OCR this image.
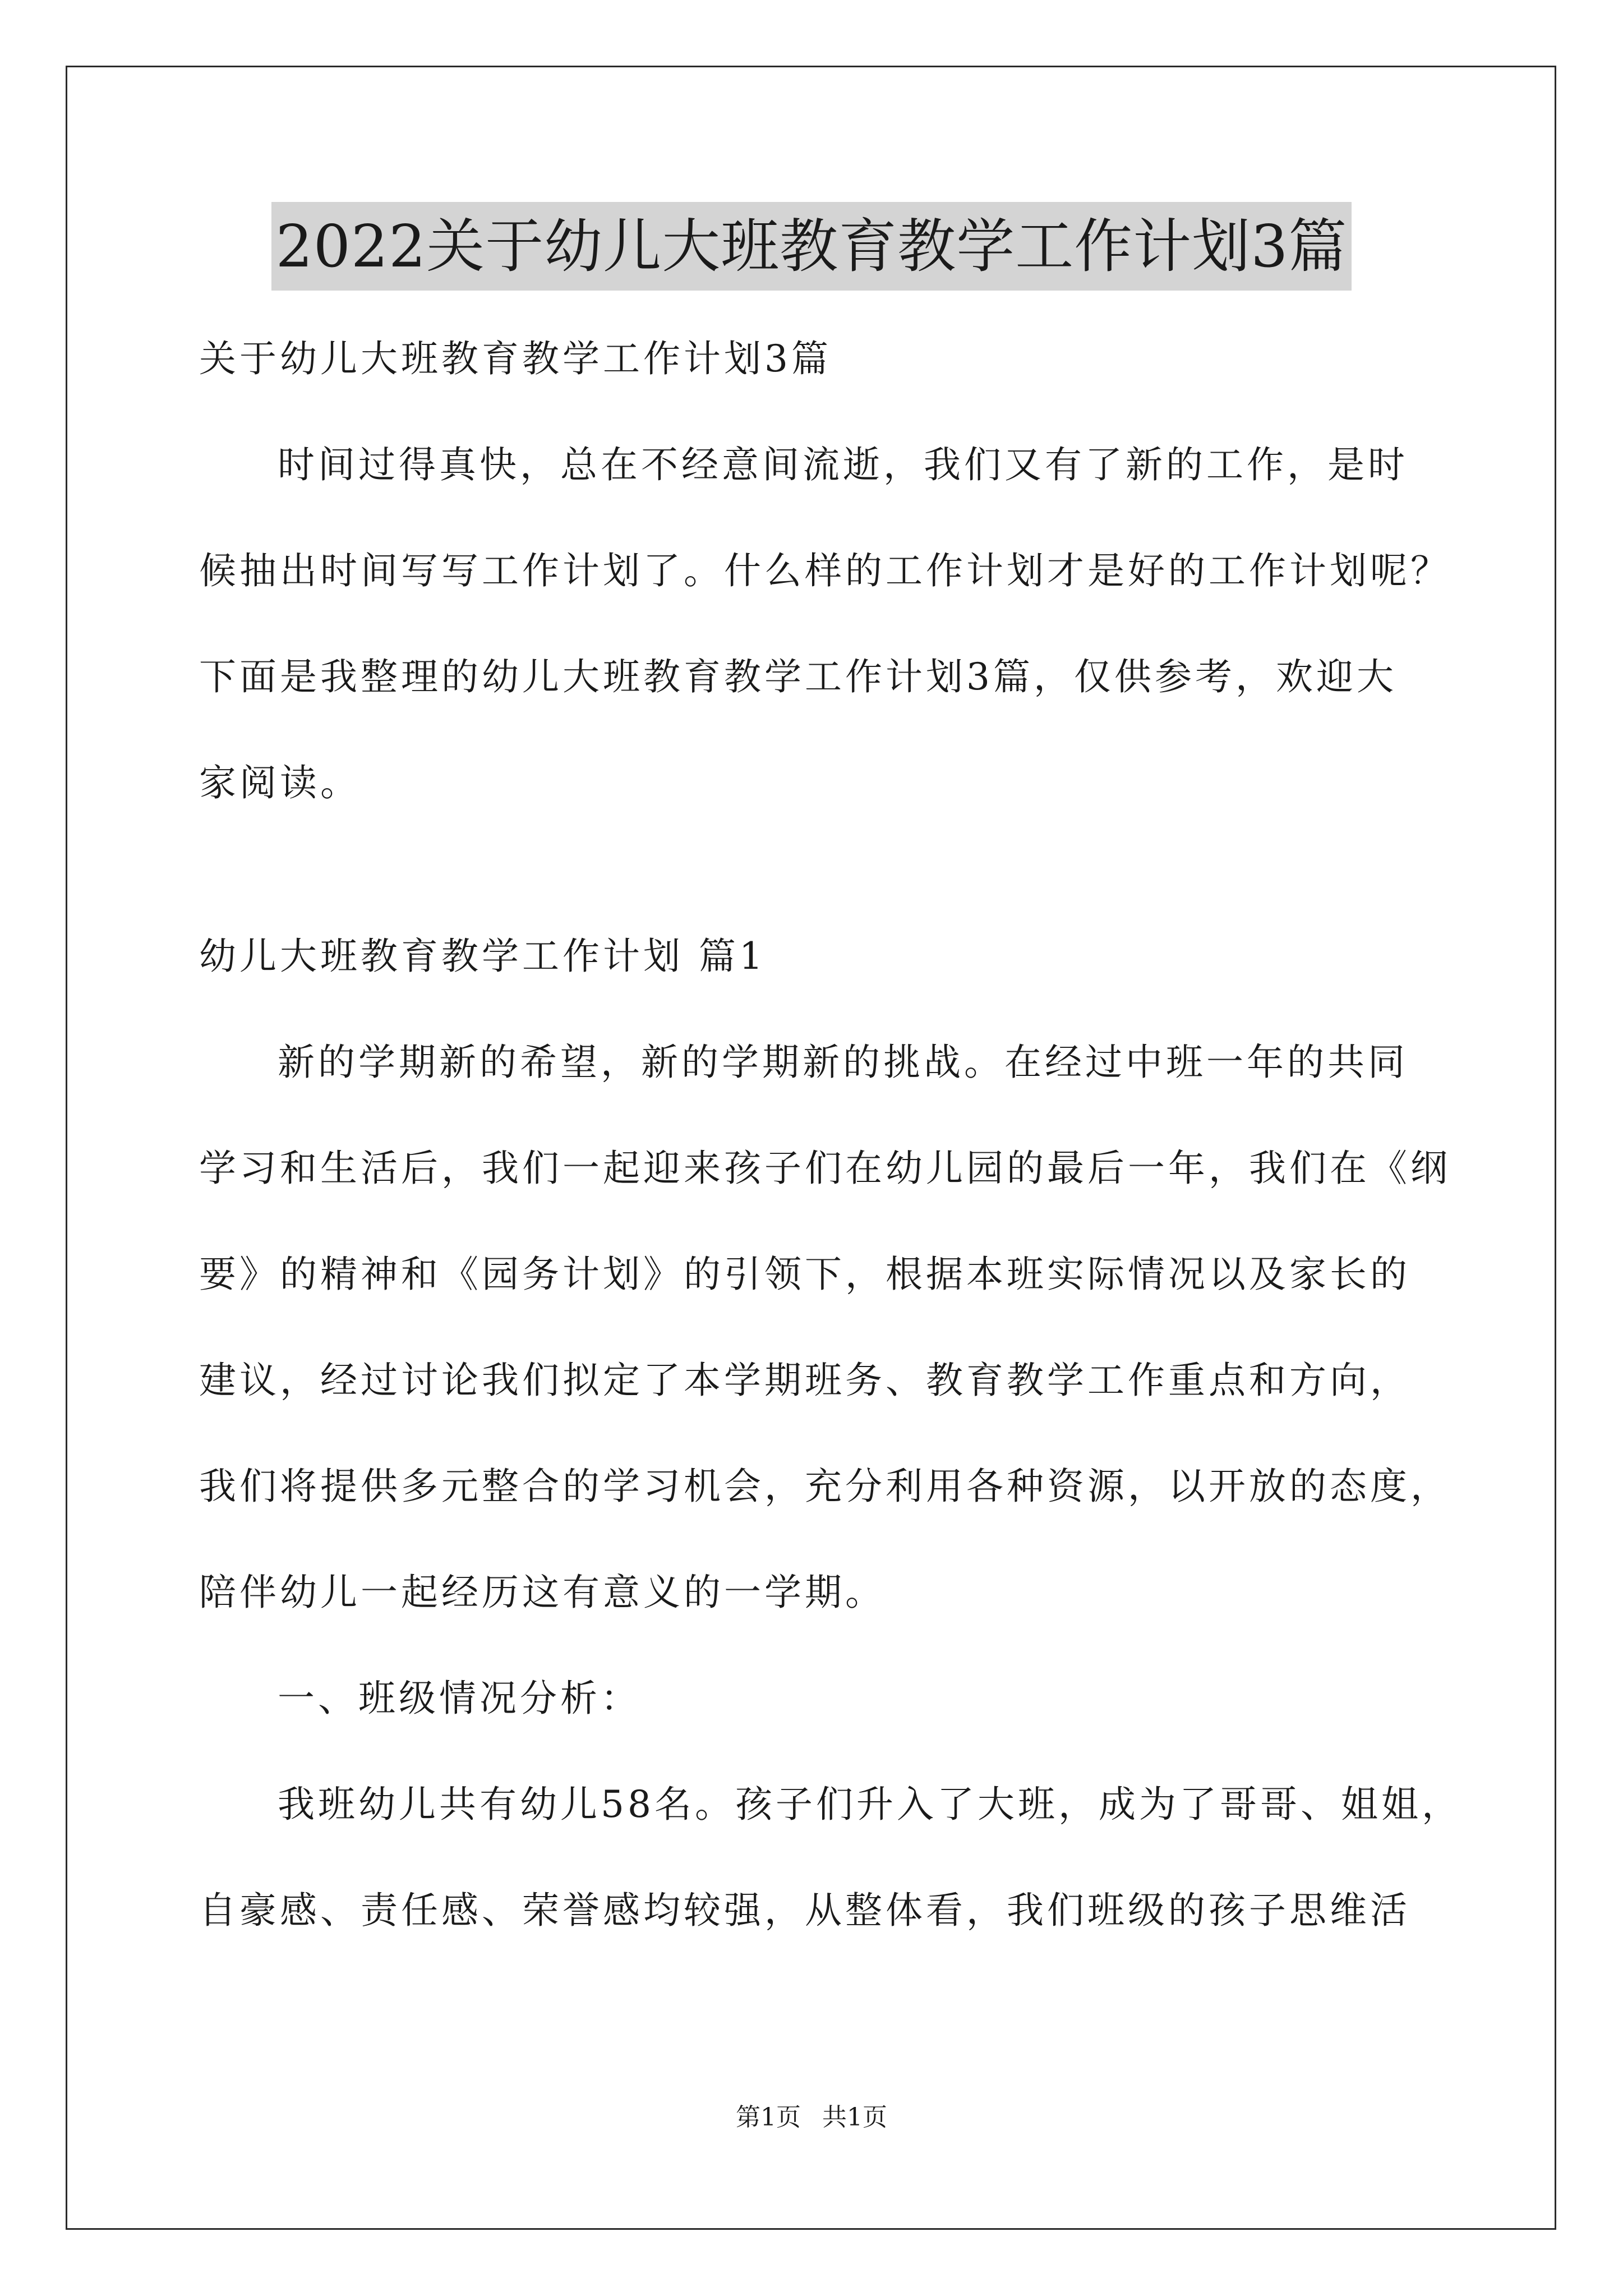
2022关于幼儿大班教育教学工作计划3篇
关于幼儿大班教育教学工作计划3篇
时间过得真快，总在不经意间流逝，我们又有了新的工作，是时
候抽出时间写写工作计划了。什么样的工作计划才是好的工作计划呢？
下面是我整理的幼儿大班教育教学工作计划3篇，仅供参考，欢迎大
家阅读。
幼儿大班教育教学工作计划 篇1
新的学期新的希望，新的学期新的挑战。在经过中班一年的共同
学习和生活后，我们一起迎来孩子们在幼儿园的最后一年，我们在《纲
要》的精神和《园务计划》的引领下，根据本班实际情况以及家长的
建议，经过讨论我们拟定了本学期班务、教育教学工作重点和方向，
我们将提供多元整合的学习机会，充分利用各种资源，以开放的态度，
陪伴幼儿一起经历这有意义的一学期。
一、班级情况分析：
我班幼儿共有幼儿58名。孩子们升入了大班，成为了哥哥、姐姐，
自豪感、责任感、荣誉感均较强，从整体看，我们班级的孩子思维活
第1页 共1页
